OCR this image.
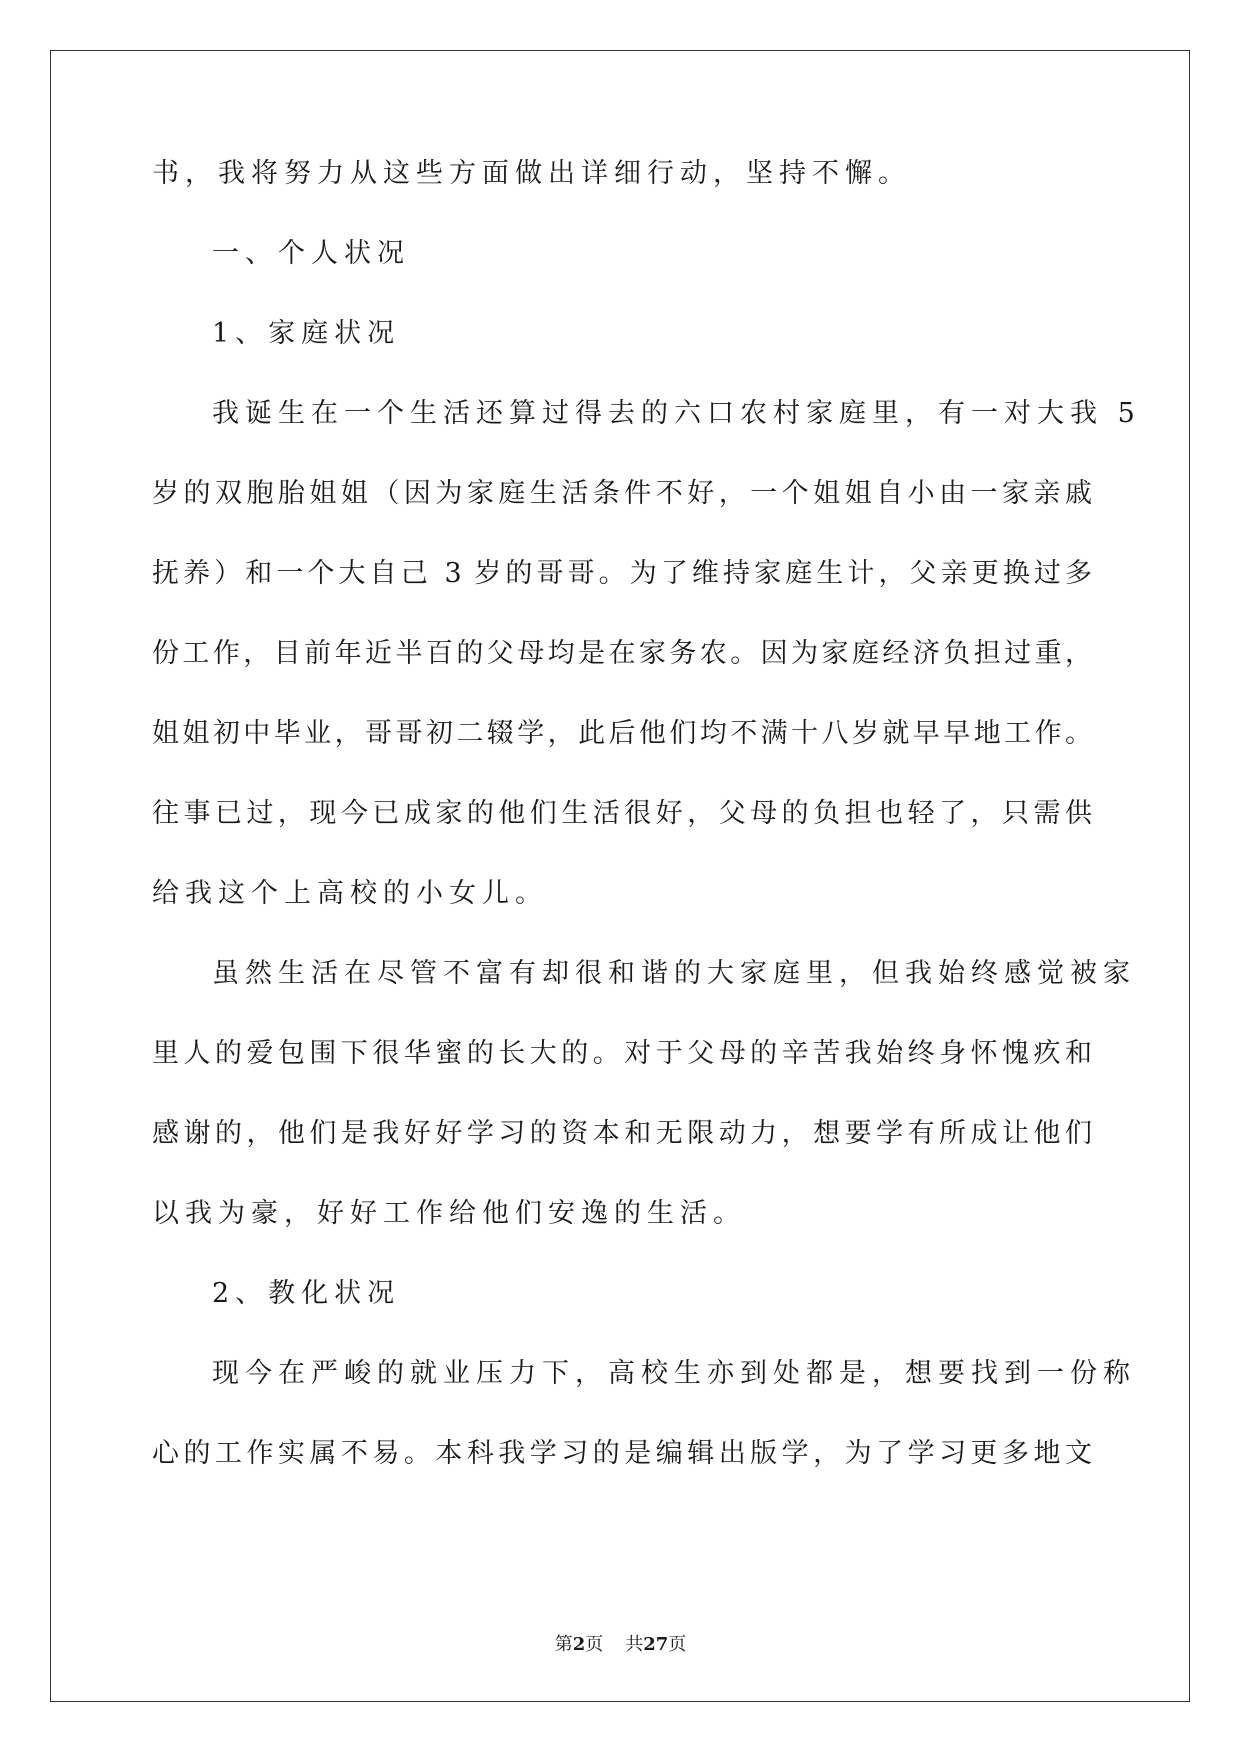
书，我将努力从这些方面做出详细行动，坚持不懈。
一、个人状况
1、家庭状况
我诞生在一个生活还算过得去的六口农村家庭里，有一对大我 5
岁的双胞胎姐姐（因为家庭生活条件不好，一个姐姐自小由一家亲戚
抚养）和一个大自己 3 岁的哥哥。为了维持家庭生计，父亲更换过多
份工作，目前年近半百的父母均是在家务农。因为家庭经济负担过重，
姐姐初中毕业，哥哥初二辍学，此后他们均不满十八岁就早早地工作。
往事已过，现今已成家的他们生活很好，父母的负担也轻了，只需供
给我这个上高校的小女儿。
虽然生活在尽管不富有却很和谐的大家庭里，但我始终感觉被家
里人的爱包围下很华蜜的长大的。对于父母的辛苦我始终身怀愧疚和
感谢的，他们是我好好学习的资本和无限动力，想要学有所成让他们
以我为豪，好好工作给他们安逸的生活。
2、教化状况
现今在严峻的就业压力下，高校生亦到处都是，想要找到一份称
心的工作实属不易。本科我学习的是编辑出版学，为了学习更多地文
第2页 共27页
